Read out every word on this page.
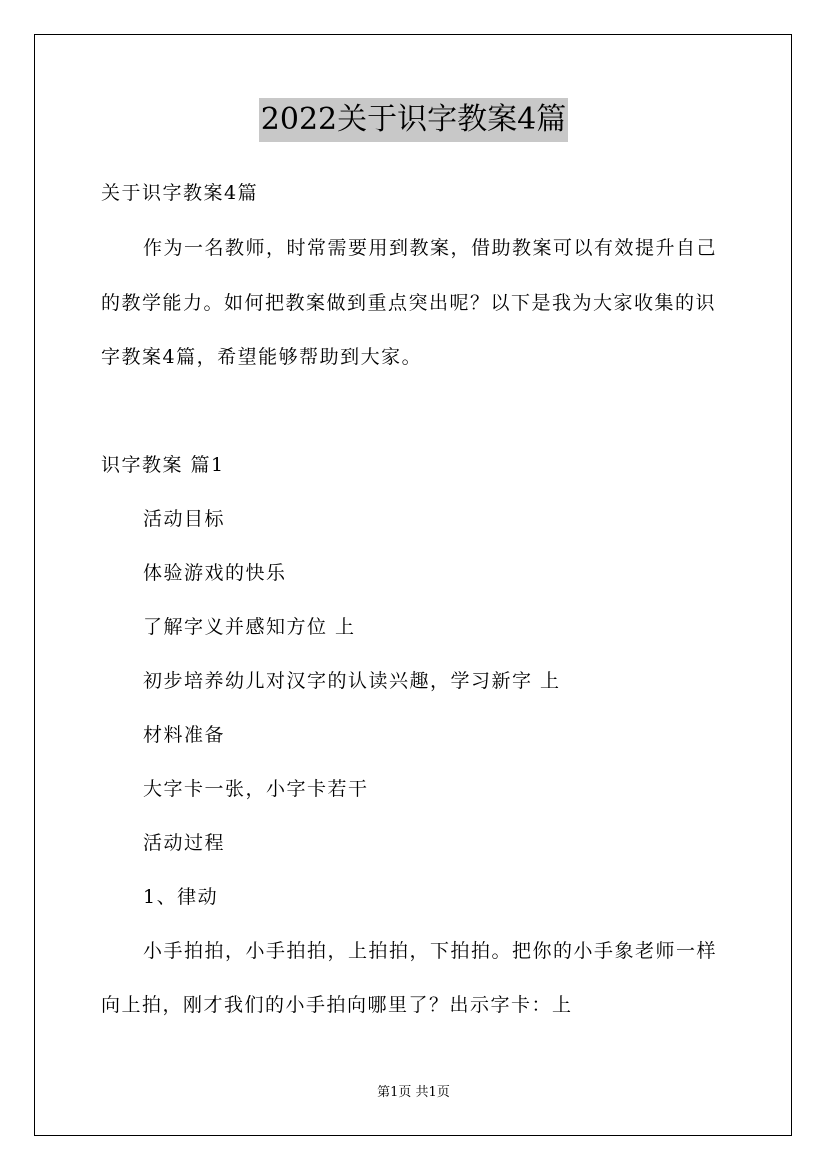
2022关于识字教案4篇
关于识字教案4篇
作为一名教师，时常需要用到教案，借助教案可以有效提升自己
的教学能力。如何把教案做到重点突出呢？以下是我为大家收集的识
字教案4篇，希望能够帮助到大家。
识字教案 篇1
活动目标
体验游戏的快乐
了解字义并感知方位 上
初步培养幼儿对汉字的认读兴趣，学习新字 上
材料准备
大字卡一张，小字卡若干
活动过程
1、律动
小手拍拍，小手拍拍，上拍拍，下拍拍。把你的小手象老师一样
向上拍，刚才我们的小手拍向哪里了？出示字卡：上
第1页 共1页
